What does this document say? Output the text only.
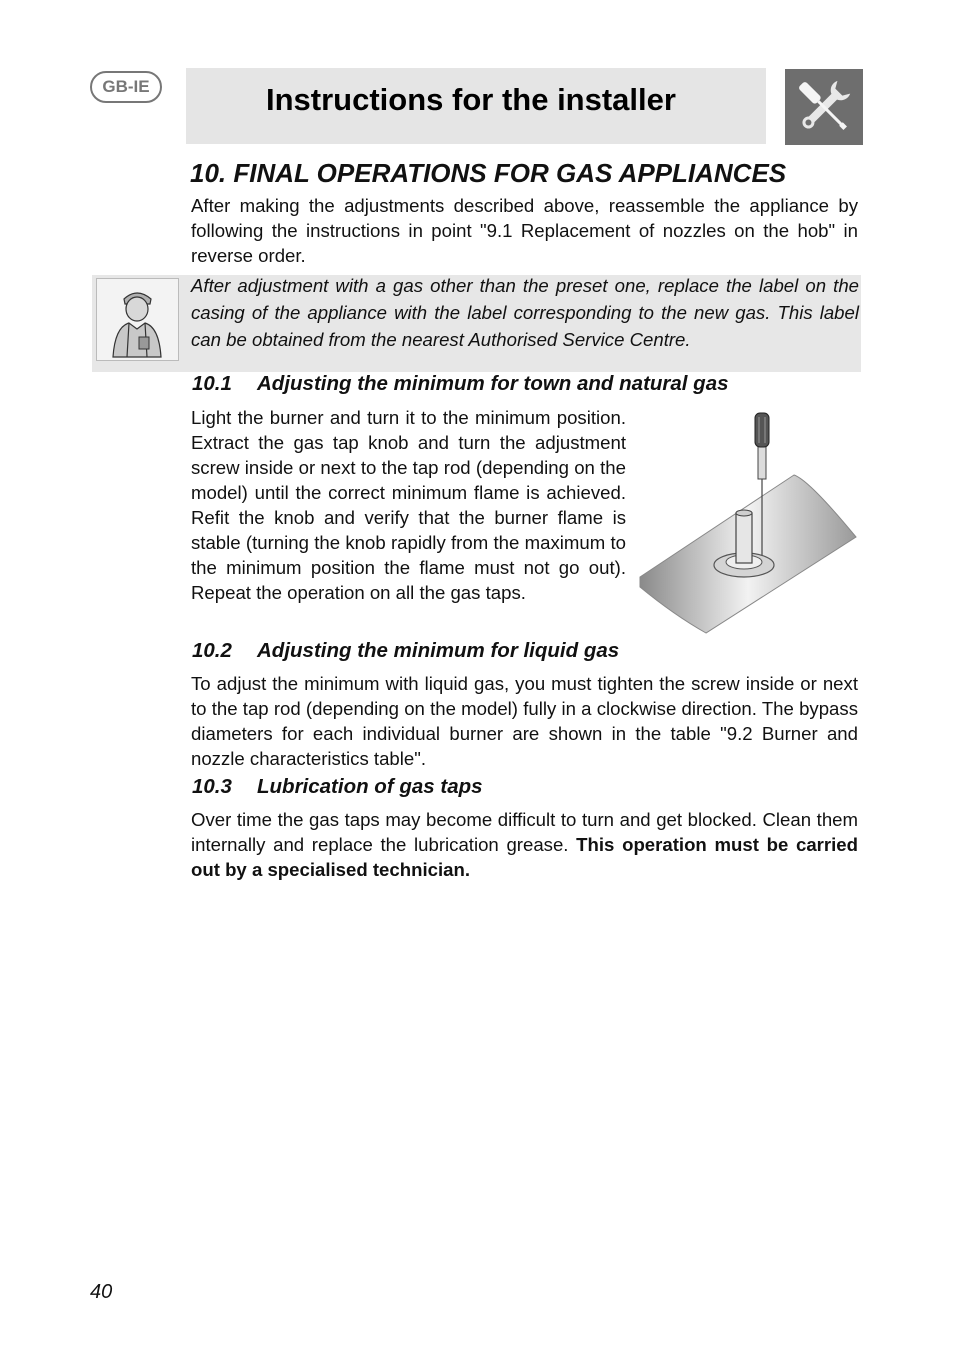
GB-IE	Instructions for the installer
10. FINAL OPERATIONS FOR GAS APPLIANCES
After making the adjustments described above, reassemble the appliance by following the instructions in point "9.1 Replacement of nozzles on the hob" in reverse order.
After adjustment with a gas other than the preset one, replace the label on the casing of the appliance with the label corresponding to the new gas. This label can be obtained from the nearest Authorised Service Centre.
10.1 Adjusting the minimum for town and natural gas
Light the burner and turn it to the minimum position. Extract the gas tap knob and turn the adjustment screw inside or next to the tap rod (depending on the model) until the correct minimum flame is achieved. Refit the knob and verify that the burner flame is stable (turning the knob rapidly from the maximum to the minimum position the flame must not go out). Repeat the operation on all the gas taps.
10.2 Adjusting the minimum for liquid gas
To adjust the minimum with liquid gas, you must tighten the screw inside or next to the tap rod (depending on the model) fully in a clockwise direction. The bypass diameters for each individual burner are shown in the table "9.2 Burner and nozzle characteristics table".
10.3 Lubrication of gas taps
Over time the gas taps may become difficult to turn and get blocked. Clean them internally and replace the lubrication grease. This operation must be carried out by a specialised technician.
40
